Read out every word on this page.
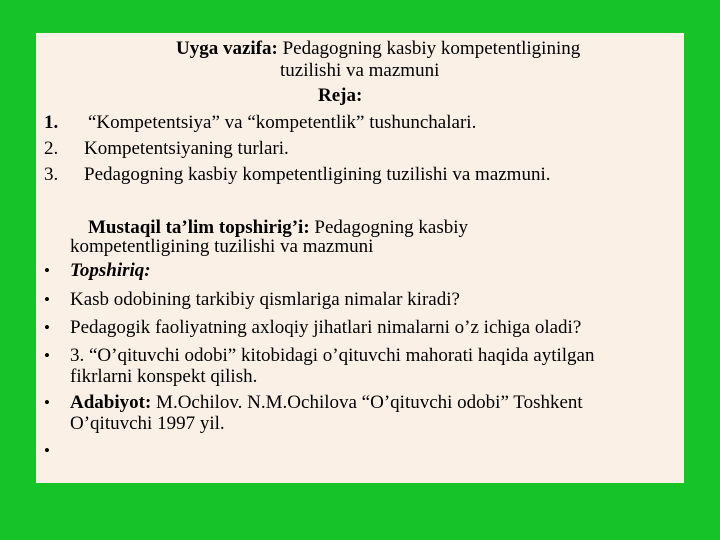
Uyga vazifa: Pedagogning kasbiy kompetentligining
tuzilishi va mazmuni
Reja:
1. “Kompetentsiya” va “kompetentlik” tushunchalari.
2. Kompetentsiyaning turlari.
3. Pedagogning kasbiy kompetentligining tuzilishi va mazmuni.
Mustaqil ta’lim topshirig’i: Pedagogning kasbiy
kompetentligining tuzilishi va mazmuni
• Topshiriq:
• Kasb odobining tarkibiy qismlariga nimalar kiradi?
• Pedagogik faoliyatning axloqiy jihatlari nimalarni o’z ichiga oladi?
• 3. “O’qituvchi odobi” kitobidagi o’qituvchi mahorati haqida aytilgan
fikrlarni konspekt qilish.
• Adabiyot: M.Ochilov. N.M.Ochilova “O’qituvchi odobi” Toshkent
O’qituvchi 1997 yil.
•
